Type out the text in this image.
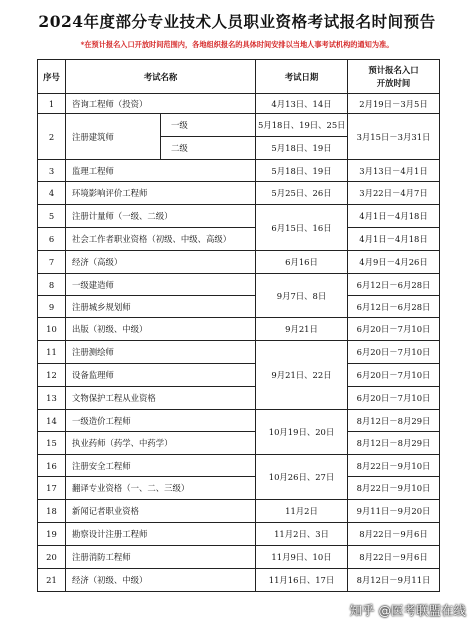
2024年度部分专业技术人员职业资格考试报名时间预告
*在预计报名入口开放时间范围内，各地组织报名的具体时间安排以当地人事考试机构的通知为准。
序号	考试名称		考试日期	预计报名入口
开放时间
1	咨询工程师（投资）		4月13日、14日	2月19日－3月5日
2	注册建筑师	一级	5月18日、19日、25日	3月15日－3月31日
		二级	5月18日、19日	
3	监理工程师		5月18日、19日	3月13日－4月1日
4	环境影响评价工程师		5月25日、26日	3月22日－4月7日
5	注册计量师（一级、二级）		6月15日、16日	4月1日－4月18日
6	社会工作者职业资格（初级、中级、高级）			4月1日－4月18日
7	经济（高级）		6月16日	4月9日－4月26日
8	一级建造师		9月7日、8日	6月12日－6月28日
9	注册城乡规划师			6月12日－6月28日
10	出版（初级、中级）		9月21日	6月20日－7月10日
11	注册测绘师		9月21日、22日	6月20日－7月10日
12	设备监理师			6月20日－7月10日
13	文物保护工程从业资格			6月20日－7月10日
14	一级造价工程师		10月19日、20日	8月12日－8月29日
15	执业药师（药学、中药学）			8月12日－8月29日
16	注册安全工程师		10月26日、27日	8月22日－9月10日
17	翻译专业资格（一、二、三级）			8月22日－9月10日
18	新闻记者职业资格		11月2日	9月11日－9月20日
19	勘察设计注册工程师		11月2日、3日	8月22日－9月6日
20	注册消防工程师		11月9日、10日	8月22日－9月6日
21	经济（初级、中级）		11月16日、17日	8月12日－9月11日
知乎 @医考联盟在线
